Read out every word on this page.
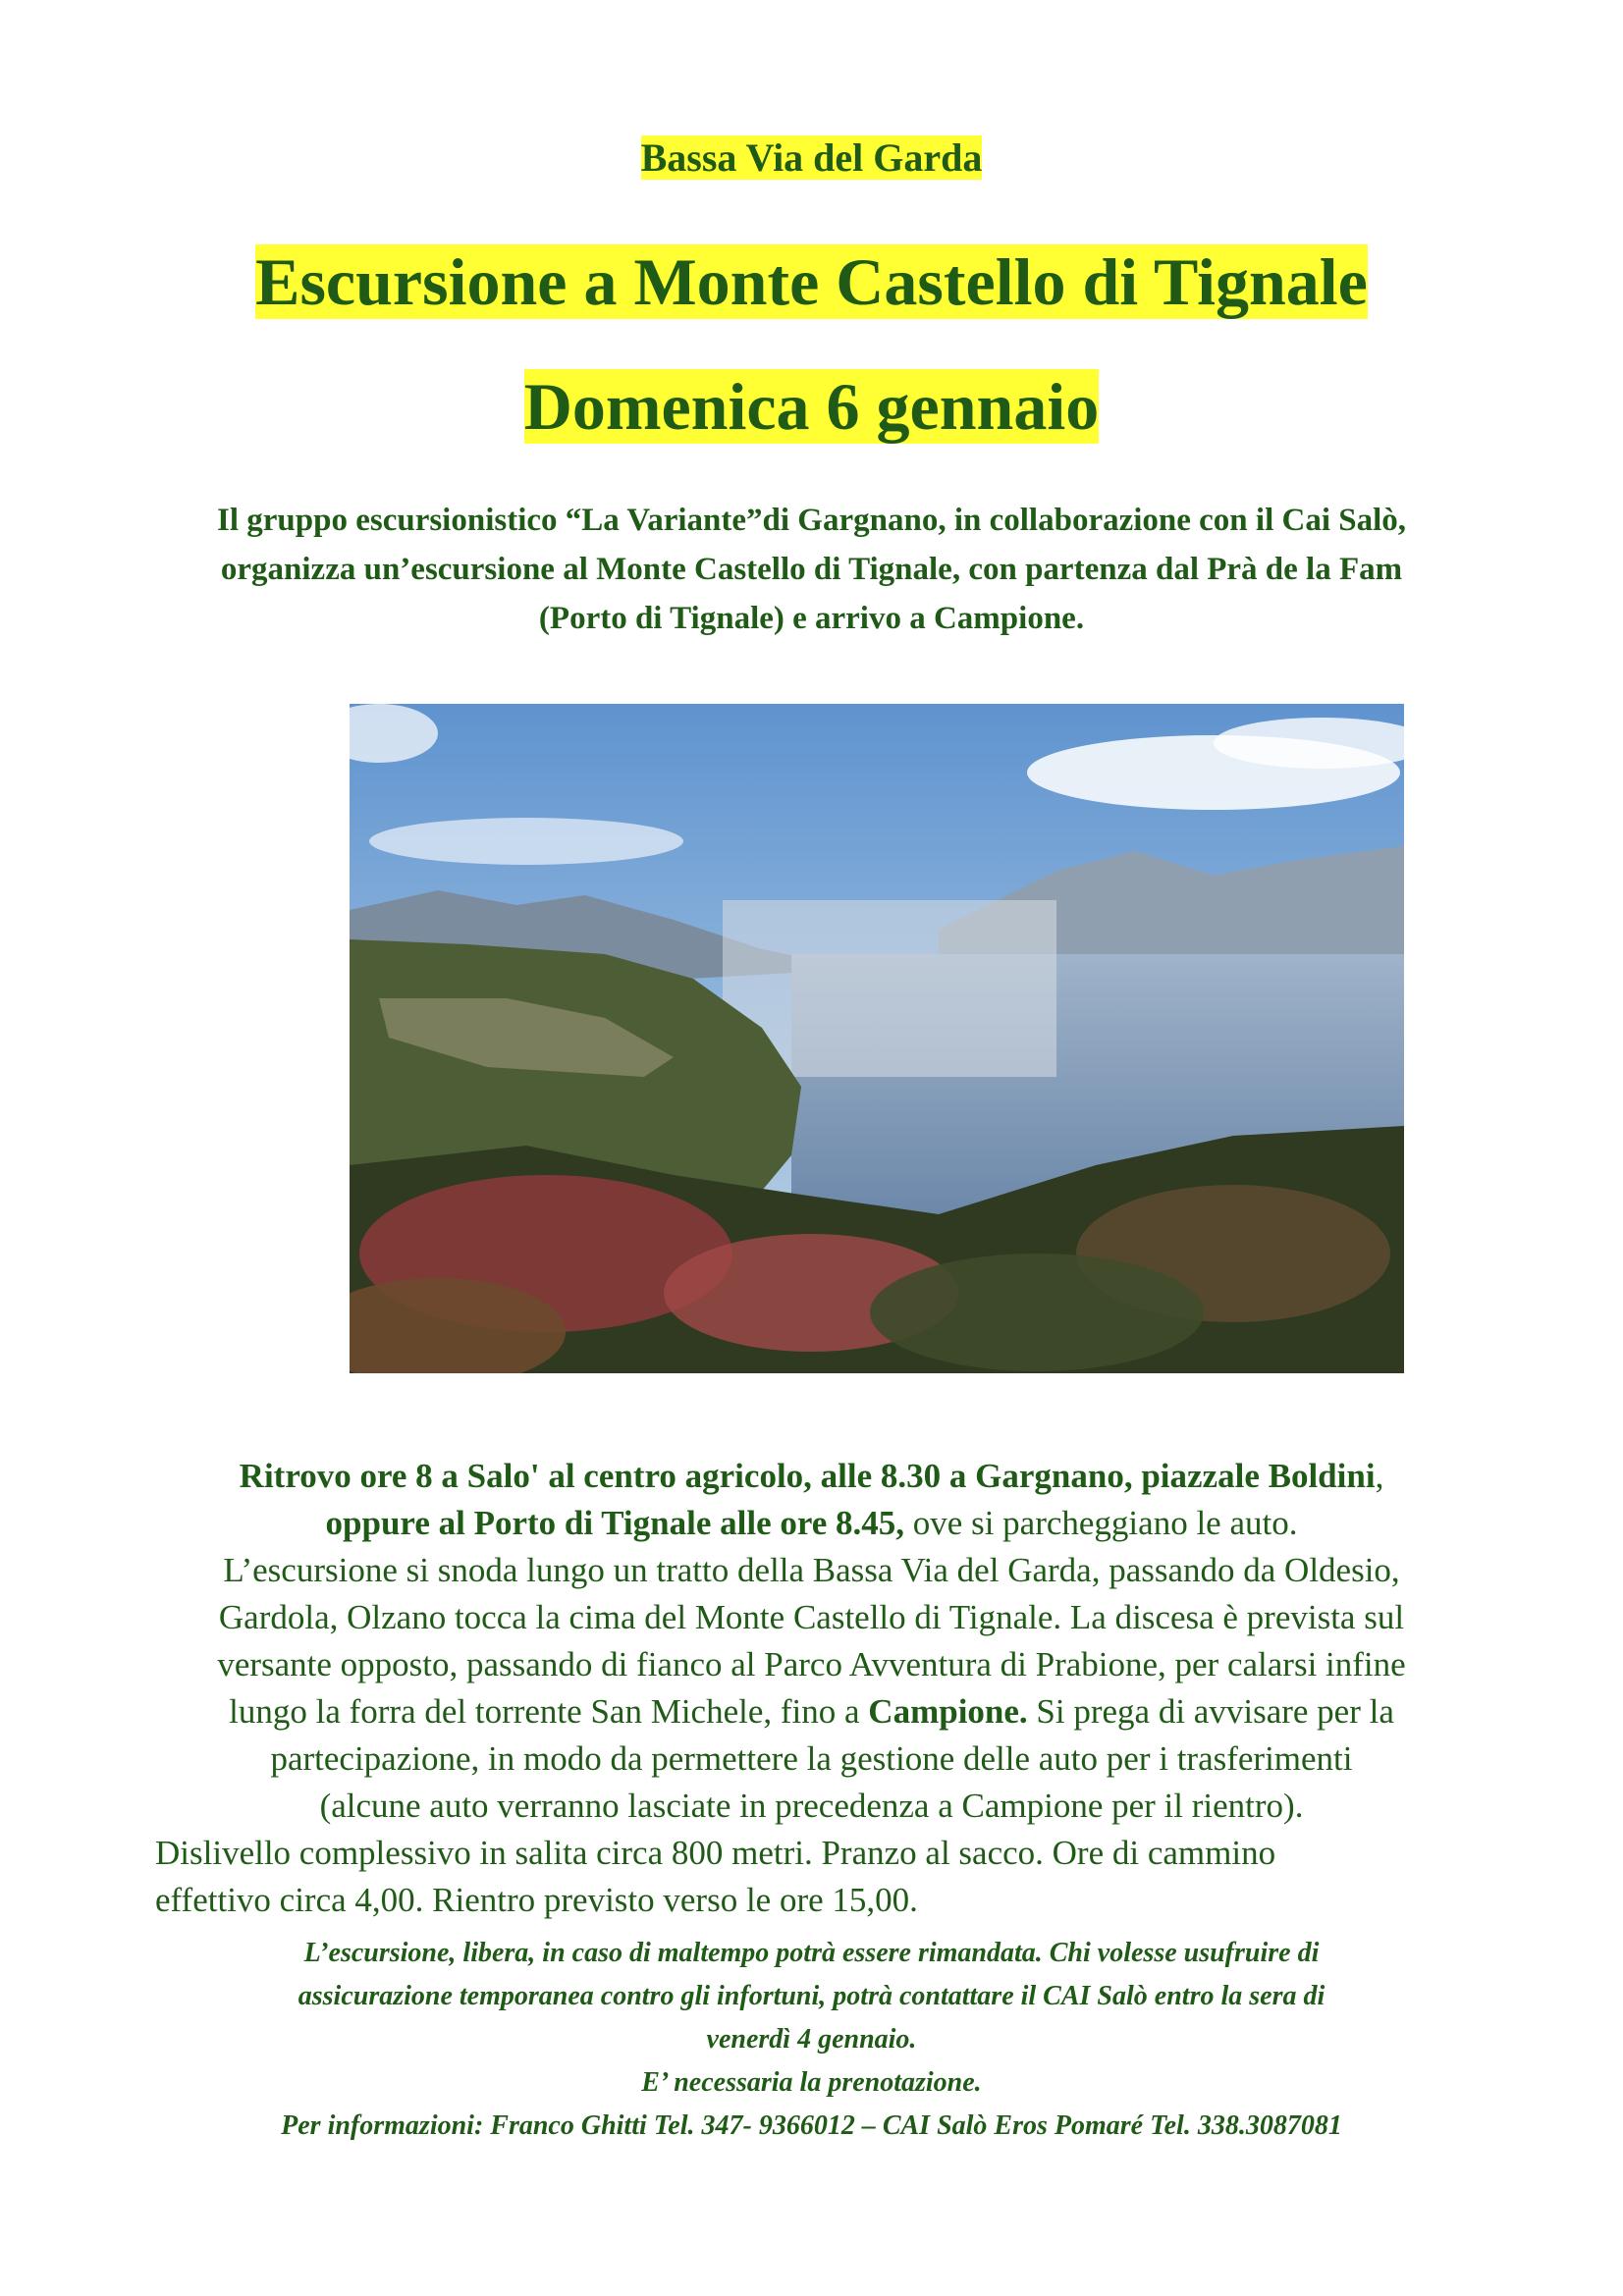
Bassa Via del Garda
Escursione a Monte Castello di Tignale
Domenica 6 gennaio
Il gruppo escursionistico “La Variante”di Gargnano, in collaborazione con il Cai Salò,
organizza un’escursione al Monte Castello di Tignale, con partenza dal Prà de la Fam
(Porto di Tignale) e arrivo a Campione.
Ritrovo ore 8 a Salo' al centro agricolo, alle 8.30 a Gargnano, piazzale Boldini,
oppure al Porto di Tignale alle ore 8.45, ove si parcheggiano le auto.
L’escursione si snoda lungo un tratto della Bassa Via del Garda, passando da Oldesio,
Gardola, Olzano tocca la cima del Monte Castello di Tignale. La discesa è prevista sul
versante opposto, passando di fianco al Parco Avventura di Prabione, per calarsi infine
lungo la forra del torrente San Michele, fino a Campione. Si prega di avvisare per la
partecipazione, in modo da permettere la gestione delle auto per i trasferimenti
(alcune auto verranno lasciate in precedenza a Campione per il rientro).
Dislivello complessivo in salita circa 800 metri. Pranzo al sacco. Ore di cammino
effettivo circa 4,00. Rientro previsto verso le ore 15,00.
L’escursione, libera, in caso di maltempo potrà essere rimandata. Chi volesse usufruire di
assicurazione temporanea contro gli infortuni, potrà contattare il CAI Salò entro la sera di
venerdì 4 gennaio.
E’ necessaria la prenotazione.
Per informazioni: Franco Ghitti Tel. 347- 9366012 – CAI Salò Eros Pomaré Tel. 338.3087081
